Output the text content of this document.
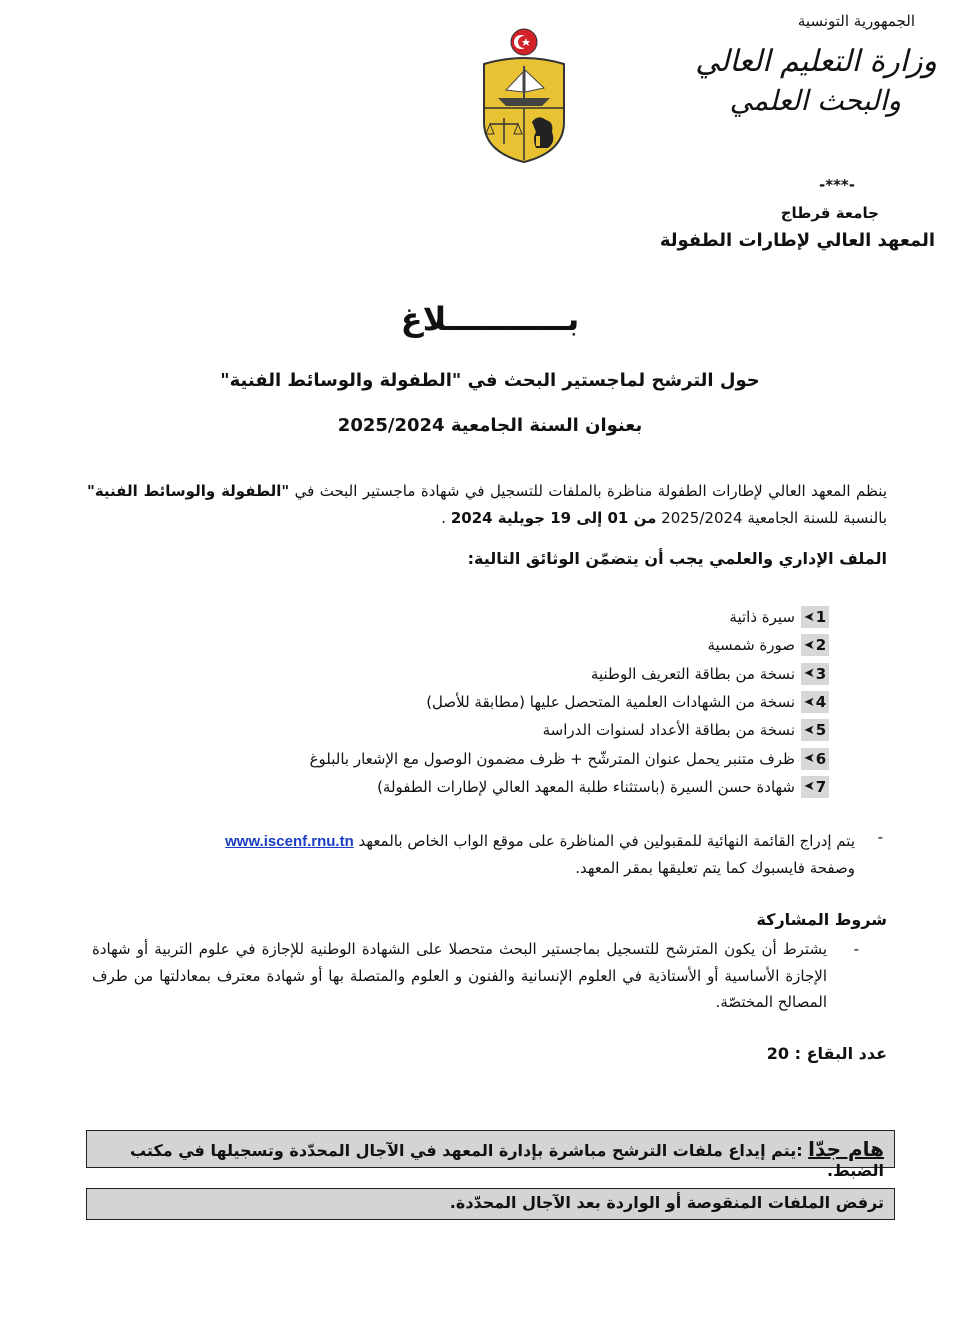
الجمهورية التونسية
وزارة التعليم العالي
والبحث العلمي
-***-
جامعة قرطاج
المعهد العالي لإطارات الطفولة
بـــــــــــلاغ
حول الترشح لماجستير البحث في "الطفولة والوسائط الفنية"
بعنوان السنة الجامعية 2025/2024
ينظم المعهد العالي لإطارات الطفولة مناظرة بالملفات للتسجيل في شهادة ماجستير البحث في "الطفولة والوسائط الفنية" بالنسبة للسنة الجامعية 2025/2024 من 01 إلى 19 جويلية 2024 .
الملف الإداري والعلمي يجب أن يتضمّن الوثائق التالية:
➤ 1
سيرة ذاتية
➤ 2
صورة شمسية
➤ 3
نسخة من بطاقة التعريف الوطنية
➤ 4
نسخة من الشهادات العلمية المتحصل عليها (مطابقة للأصل)
➤ 5
نسخة من بطاقة الأعداد لسنوات الدراسة
➤ 6
ظرف متنبر يحمل عنوان المترشّح + ظرف مضمون الوصول مع الإشعار بالبلوغ
➤ 7
شهادة حسن السيرة (باستثناء طلبة المعهد العالي لإطارات الطفولة)
-
يتم إدراج القائمة النهائية للمقبولين في المناظرة على موقع الواب الخاص بالمعهد www.iscenf.rnu.tn
وصفحة فايسبوك كما يتم تعليقها بمقر المعهد.
شروط المشاركة
-
يشترط أن يكون المترشح للتسجيل بماجستير البحث متحصلا على الشهادة الوطنية للإجازة في علوم التربية أو شهادة الإجازة الأساسية أو الأستاذية في العلوم الإنسانية والفنون و العلوم والمتصلة بها أو شهادة معترف بمعادلتها من طرف المصالح المختصّة.
عدد البقاع : 20
هام جدّا :يتم إيداع ملفات الترشح مباشرة بإدارة المعهد في الآجال المحدّدة وتسجيلها في مكتب الضبط.
ترفض الملفات المنقوصة أو الواردة بعد الآجال المحدّدة.
